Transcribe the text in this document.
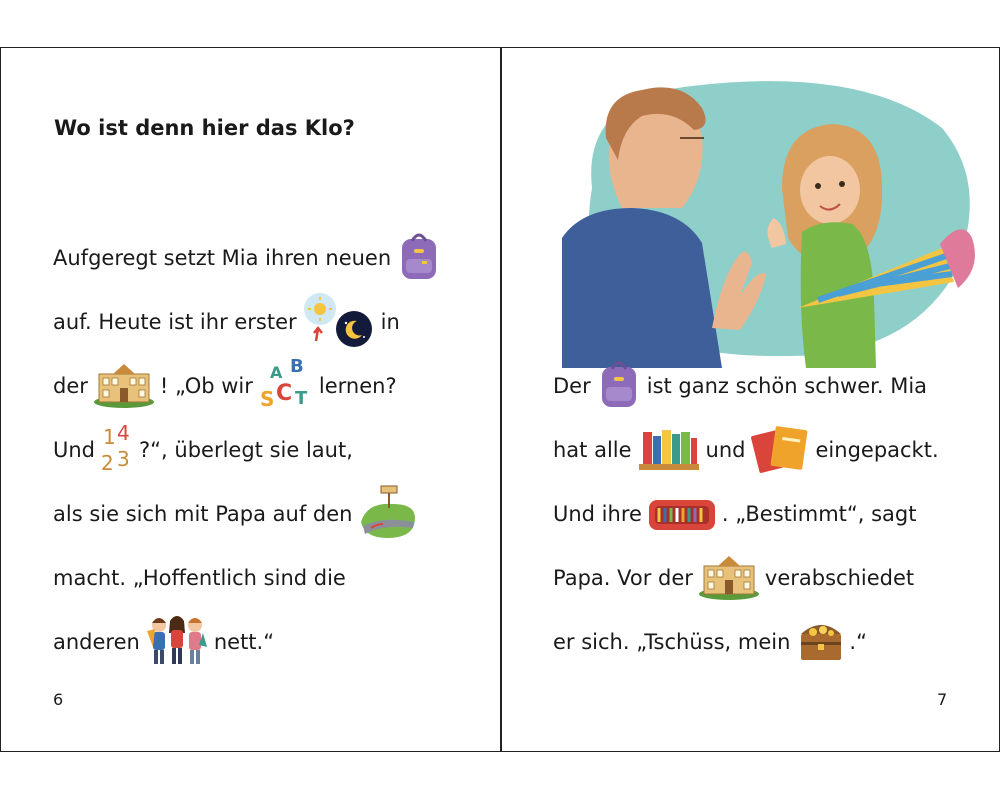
Wo ist denn hier das Klo?
Aufgeregt setzt Mia ihren neuen
auf. Heute ist ihr erster	in
der	! „Ob wir
A B
S C T lernen?
Und
1 4
2 3 ?“, überlegt sie laut,
als sie sich mit Papa auf den
macht. „Hoffentlich sind die
anderen	nett.“
6
Der	ist ganz schön schwer. Mia
hat alle	und	eingepackt.
Und ihre	. „Bestimmt“, sagt
Papa. Vor der	verabschiedet
er sich. „Tschüss, mein	.“
7
